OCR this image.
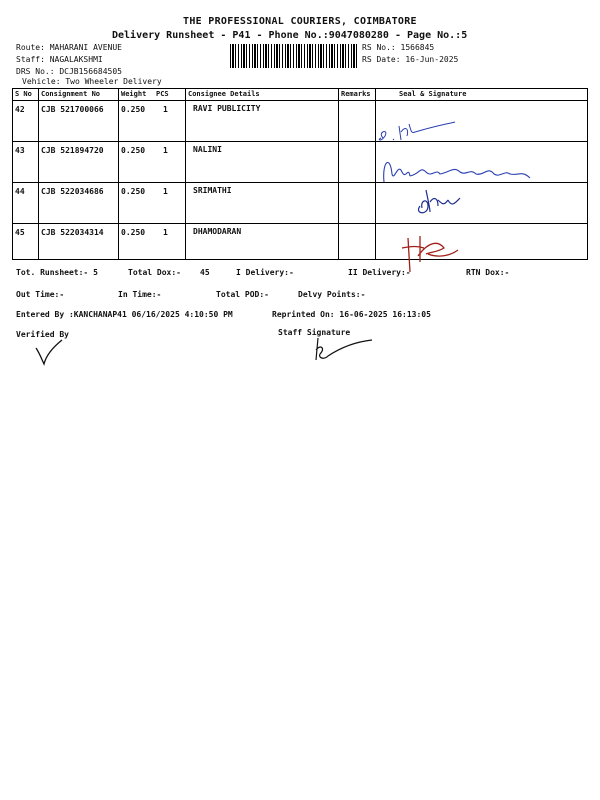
THE PROFESSIONAL COURIERS, COIMBATORE
Delivery Runsheet - P41 - Phone No.:9047080280 - Page No.:5
Route: MAHARANI AVENUE
Staff: NAGALAKSHMI
DRS No.: DCJB156684505
Vehicle: Two Wheeler Delivery
RS No.: 1566845
RS Date: 16-Jun-2025
S No Consignment No	Weight PCS	Consignee Details	Remarks	Seal & Signature
42 CJB 521700066 0.250 1	RAVI PUBLICITY
43 CJB 521894720 0.250 1	NALINI
44 CJB 522034686 0.250 1	SRIMATHI
45 CJB 522034314 0.250 1	DHAMODARAN
Tot. Runsheet:- 5	Total Dox:- 45	I Delivery:-	II Delivery:-	RTN Dox:-
Out Time:-	In Time:-	Total POD:-	Delvy Points:-
Entered By :KANCHANAP41 06/16/2025 4:10:50 PM	Reprinted On: 16-06-2025 16:13:05
Verified By	Staff Signature
